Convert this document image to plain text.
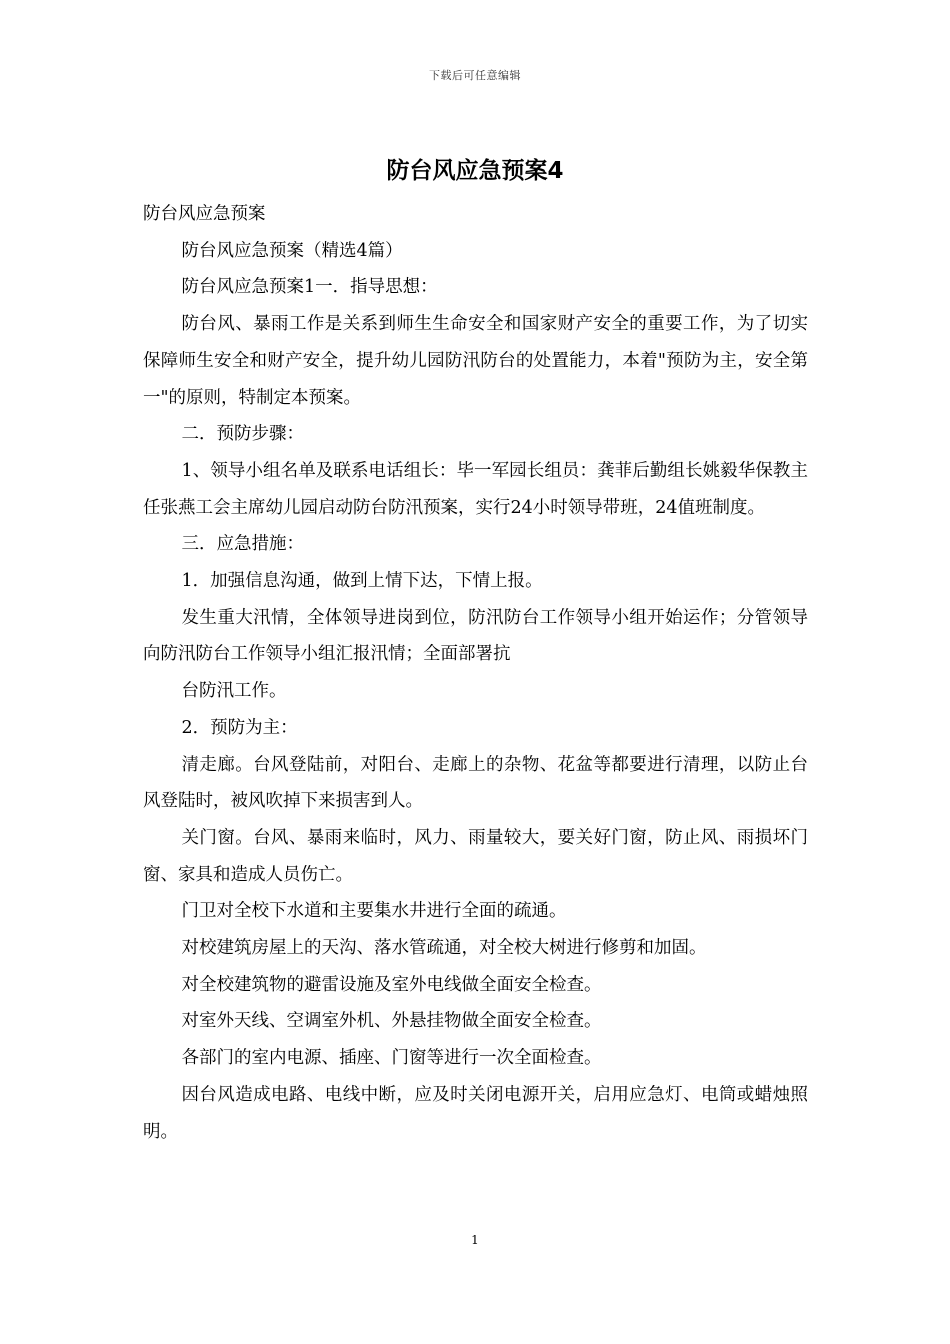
下载后可任意编辑
防台风应急预案4

防台风应急预案

防台风应急预案（精选4篇）

防台风应急预案1一．指导思想：

防台风、暴雨工作是关系到师生生命安全和国家财产安全的重要工作，为了切实保障师生安全和财产安全，提升幼儿园防汛防台的处置能力，本着"预防为主，安全第一"的原则，特制定本预案。

二．预防步骤：

1、领导小组名单及联系电话组长：毕一军园长组员：龚菲后勤组长姚毅华保教主任张燕工会主席幼儿园启动防台防汛预案，实行24小时领导带班，24值班制度。

三．应急措施：

1．加强信息沟通，做到上情下达，下情上报。

发生重大汛情，全体领导进岗到位，防汛防台工作领导小组开始运作；分管领导向防汛防台工作领导小组汇报汛情；全面部署抗

台防汛工作。

2．预防为主：

清走廊。台风登陆前，对阳台、走廊上的杂物、花盆等都要进行清理，以防止台风登陆时，被风吹掉下来损害到人。

关门窗。台风、暴雨来临时，风力、雨量较大，要关好门窗，防止风、雨损坏门窗、家具和造成人员伤亡。

门卫对全校下水道和主要集水井进行全面的疏通。

对校建筑房屋上的天沟、落水管疏通，对全校大树进行修剪和加固。

对全校建筑物的避雷设施及室外电线做全面安全检查。

对室外天线、空调室外机、外悬挂物做全面安全检查。

各部门的室内电源、插座、门窗等进行一次全面检查。

因台风造成电路、电线中断，应及时关闭电源开关，启用应急灯、电筒或蜡烛照明。

1
